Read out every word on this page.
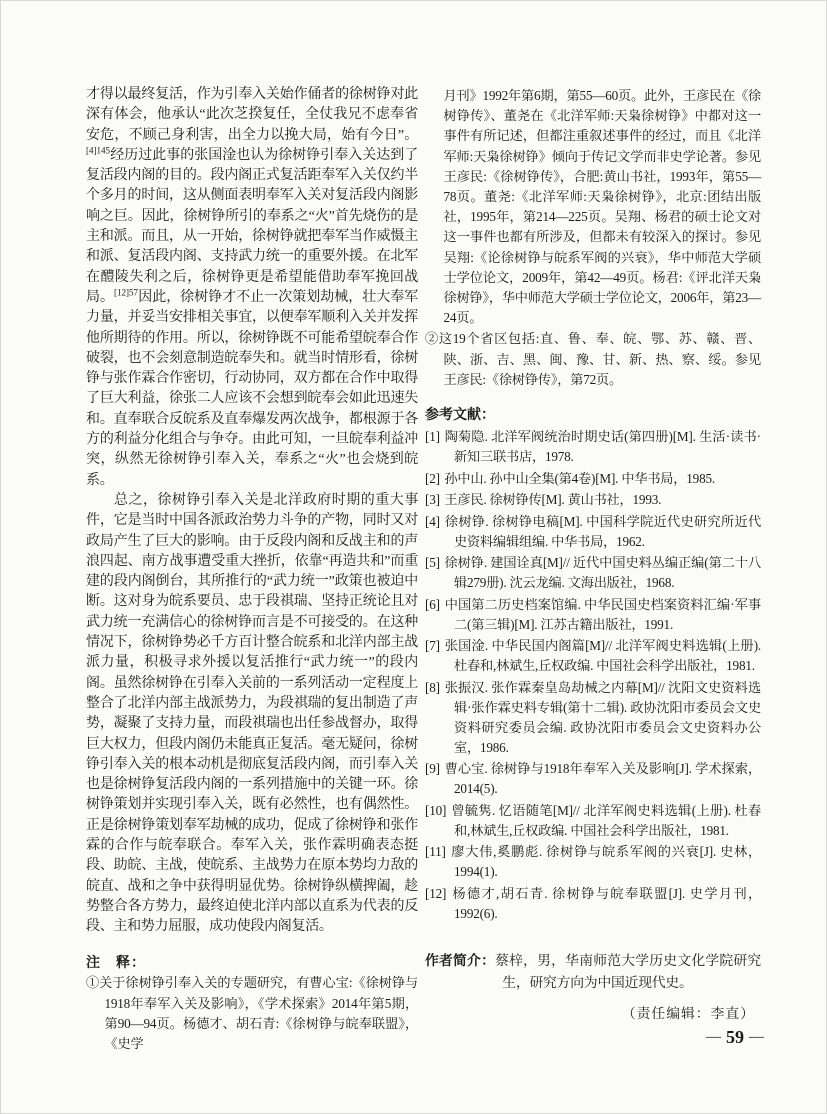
才得以最终复活，作为引奉入关始作俑者的徐树铮对此深有体会，他承认“此次芝揆复任，全仗我兄不虑奉省安危，不顾己身利害，出全力以挽大局，始有今日”。$^{[4]145}$经历过此事的张国淦也认为徐树铮引奉入关达到了复活段内阁的目的。段内阁正式复活距奉军入关仅约半个多月的时间，这从侧面表明奉军入关对复活段内阁影响之巨。因此，徐树铮所引的奉系之“火”首先烧伤的是主和派。而且，从一开始，徐树铮就把奉军当作威慑主和派、复活段内阁、支持武力统一的重要外援。在北军在醴陵失利之后，徐树铮更是希望能借助奉军挽回战局。$^{[12]57}$因此，徐树铮才不止一次策划劫械，壮大奉军力量，并妥当安排相关事宜，以便奉军顺利入关并发挥他所期待的作用。所以，徐树铮既不可能希望皖奉合作破裂，也不会刻意制造皖奉失和。就当时情形看，徐树铮与张作霖合作密切，行动协同，双方都在合作中取得了巨大利益，徐张二人应该不会想到皖奉会如此迅速失和。直奉联合反皖系及直奉爆发两次战争，都根源于各方的利益分化组合与争夺。由此可知，一旦皖奉利益冲突，纵然无徐树铮引奉入关，奉系之“火”也会烧到皖系。

总之，徐树铮引奉入关是北洋政府时期的重大事件，它是当时中国各派政治势力斗争的产物，同时又对政局产生了巨大的影响。由于反段内阁和反战主和的声浪四起、南方战事遭受重大挫折，依靠“再造共和”而重建的段内阁倒台，其所推行的“武力统一”政策也被迫中断。这对身为皖系要员、忠于段祺瑞、坚持正统论且对武力统一充满信心的徐树铮而言是不可接受的。在这种情况下，徐树铮势必千方百计整合皖系和北洋内部主战派力量，积极寻求外援以复活推行“武力统一”的段内阁。虽然徐树铮在引奉入关前的一系列活动一定程度上整合了北洋内部主战派势力，为段祺瑞的复出制造了声势，凝聚了支持力量，而段祺瑞也出任参战督办，取得巨大权力，但段内阁仍未能真正复活。毫无疑问，徐树铮引奉入关的根本动机是彻底复活段内阁，而引奉入关也是徐树铮复活段内阁的一系列措施中的关键一环。徐树铮策划并实现引奉入关，既有必然性，也有偶然性。正是徐树铮策划奉军劫械的成功，促成了徐树铮和张作霖的合作与皖奉联合。奉军入关，张作霖明确表态挺段、助皖、主战，使皖系、主战势力在原本势均力敌的皖直、战和之争中获得明显优势。徐树铮纵横捭阖，趁势整合各方势力，最终迫使北洋内部以直系为代表的反段、主和势力屈服，成功使段内阁复活。

注　释：
①关于徐树铮引奉入关的专题研究，有曹心宝:《徐树铮与1918年奉军入关及影响》，《学术探索》2014年第5期，第90—94页。杨德才、胡石青:《徐树铮与皖奉联盟》，《史学
月刊》1992年第6期，第55—60页。此外，王彦民在《徐树铮传》、董尧在《北洋军师:天枭徐树铮》中都对这一事件有所记述，但都注重叙述事件的经过，而且《北洋军师:天枭徐树铮》倾向于传记文学而非史学论著。参见王彦民:《徐树铮传》，合肥:黄山书社，1993年，第55—78页。董尧:《北洋军师:天枭徐树铮》，北京:团结出版社，1995年，第214—225页。吴翔、杨君的硕士论文对这一事件也都有所涉及，但都未有较深入的探讨。参见吴翔:《论徐树铮与皖系军阀的兴衰》，华中师范大学硕士学位论文，2009年，第42—49页。杨君:《评北洋天枭徐树铮》，华中师范大学硕士学位论文，2006年，第23—24页。
②这19个省区包括:直、鲁、奉、皖、鄂、苏、赣、晋、陕、浙、吉、黑、闽、豫、甘、新、热、察、绥。参见王彦民:《徐树铮传》，第72页。
参考文献：
[1] 陶菊隐. 北洋军阀统治时期史话(第四册)[M]. 生活·读书·新知三联书店，1978.
[2] 孙中山. 孙中山全集(第4卷)[M]. 中华书局，1985.
[3] 王彦民. 徐树铮传[M]. 黄山书社，1993.
[4] 徐树铮. 徐树铮电稿[M]. 中国科学院近代史研究所近代史资料编辑组编. 中华书局，1962.
[5] 徐树铮. 建国诠真[M]// 近代中国史料丛编正编(第二十八辑279册). 沈云龙编. 文海出版社，1968.
[6] 中国第二历史档案馆编. 中华民国史档案资料汇编·军事二(第三辑)[M]. 江苏古籍出版社，1991.
[7] 张国淦. 中华民国内阁篇[M]// 北洋军阀史料选辑(上册). 杜春和,林斌生,丘权政编. 中国社会科学出版社，1981.
[8] 张振汉. 张作霖秦皇岛劫械之内幕[M]// 沈阳文史资料选辑·张作霖史料专辑(第十二辑). 政协沈阳市委员会文史资料研究委员会编. 政协沈阳市委员会文史资料办公室，1986.
[9] 曹心宝. 徐树铮与1918年奉军入关及影响[J]. 学术探索，2014(5).
[10] 曾毓隽. 忆语随笔[M]// 北洋军阀史料选辑(上册). 杜春和,林斌生,丘权政编. 中国社会科学出版社，1981.
[11] 廖大伟,奚鹏彪. 徐树铮与皖系军阀的兴衰[J]. 史林，1994(1).
[12] 杨德才,胡石青. 徐树铮与皖奉联盟[J]. 史学月刊，1992(6).
作者简介：蔡梓，男，华南师范大学历史文化学院研究生，研究方向为中国近现代史。
（责任编辑：李直）
— 59 —
